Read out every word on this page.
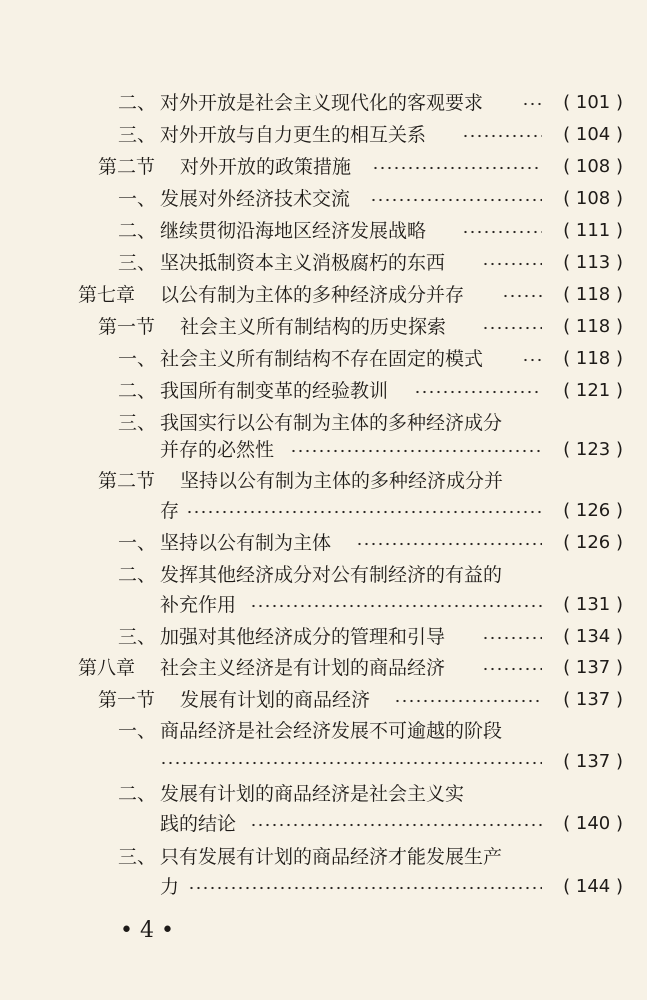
二、 对外开放是社会主义现代化的客观要求	( 101 )
三、 对外开放与自力更生的相互关系	( 104 )
第二节 对外开放的政策措施	( 108 )
一、 发展对外经济技术交流	( 108 )
二、 继续贯彻沿海地区经济发展战略	( 111 )
三、 坚决抵制资本主义消极腐朽的东西	( 113 )
第七章 以公有制为主体的多种经济成分并存	( 118 )
第一节 社会主义所有制结构的历史探索	( 118 )
一、 社会主义所有制结构不存在固定的模式	( 118 )
二、 我国所有制变革的经验教训	( 121 )
三、 我国实行以公有制为主体的多种经济成分
并存的必然性	( 123 )
第二节 坚持以公有制为主体的多种经济成分并
存	( 126 )
一、 坚持以公有制为主体	( 126 )
二、 发挥其他经济成分对公有制经济的有益的
补充作用	( 131 )
三、 加强对其他经济成分的管理和引导	( 134 )
第八章 社会主义经济是有计划的商品经济	( 137 )
第一节 发展有计划的商品经济	( 137 )
一、 商品经济是社会经济发展不可逾越的阶段
( 137 )
二、 发展有计划的商品经济是社会主义实
践的结论	( 140 )
三、 只有发展有计划的商品经济才能发展生产
力	( 144 )
• 4 •
